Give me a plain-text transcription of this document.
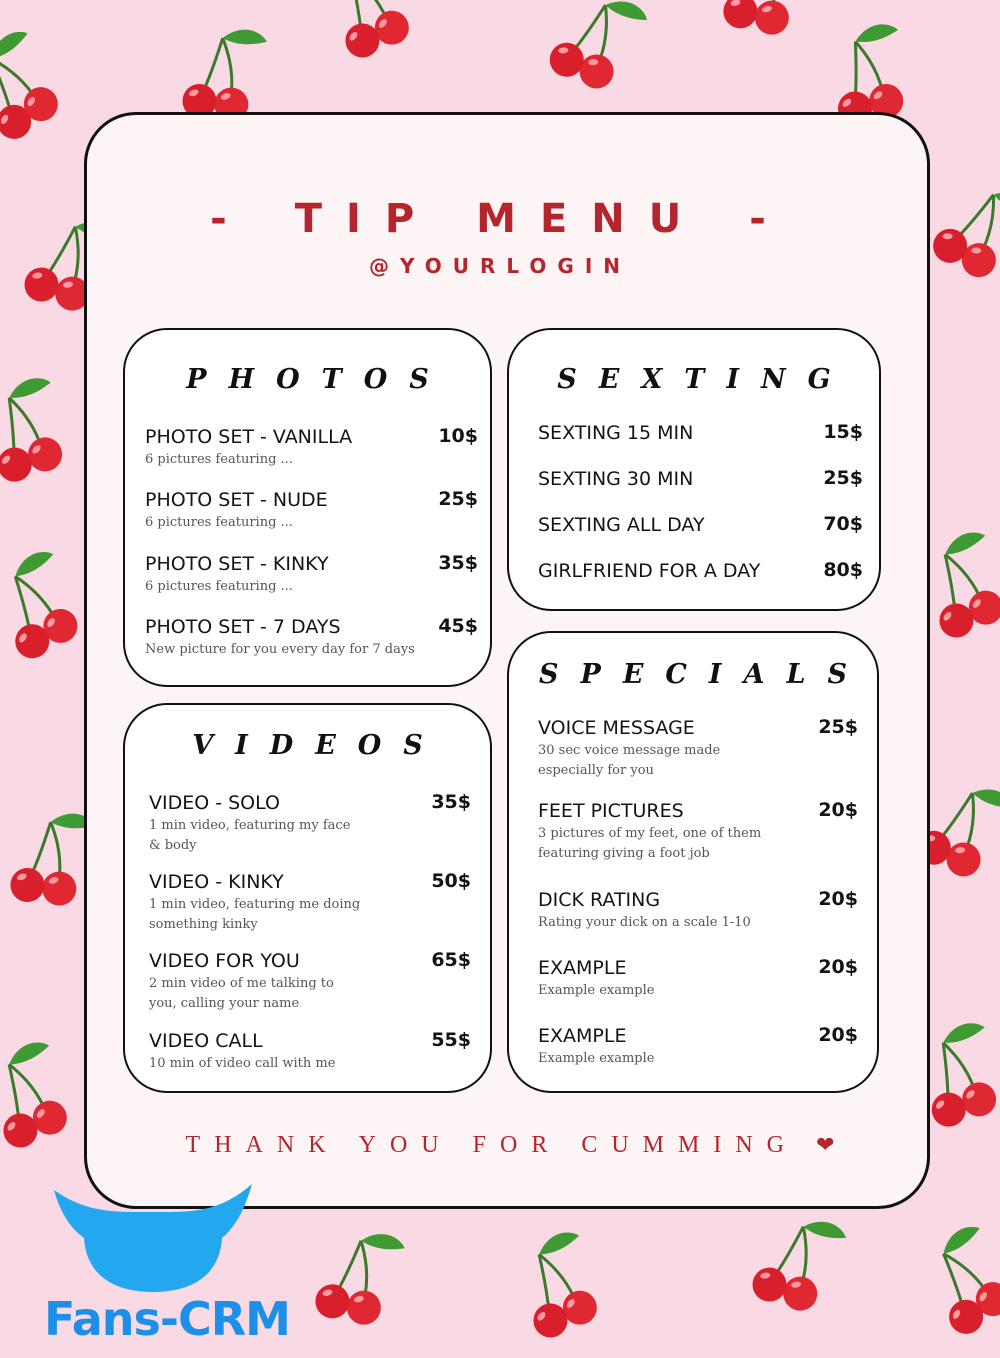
- TIP MENU -
@YOURLOGIN
PHOTOS
PHOTO SET - VANILLA	10$
6 pictures featuring ...
PHOTO SET - NUDE	25$
6 pictures featuring ...
PHOTO SET - KINKY	35$
6 pictures featuring ...
PHOTO SET - 7 DAYS	45$
New picture for you every day for 7 days
SEXTING
SEXTING 15 MIN	15$
SEXTING 30 MIN	25$
SEXTING ALL DAY	70$
GIRLFRIEND FOR A DAY	80$
VIDEOS
VIDEO - SOLO	35$
1 min video, featuring my face & body
VIDEO - KINKY	50$
1 min video, featuring me doing something kinky
VIDEO FOR YOU	65$
2 min video of me talking to you, calling your name
VIDEO CALL	55$
10 min of video call with me
SPECIALS
VOICE MESSAGE	25$
30 sec voice message made especially for you
FEET PICTURES	20$
3 pictures of my feet, one of them featuring giving a foot job
DICK RATING	20$
Rating your dick on a scale 1-10
EXAMPLE	20$
Example example
EXAMPLE	20$
Example example
THANK YOU FOR CUMMING ❤
Fans-CRM
